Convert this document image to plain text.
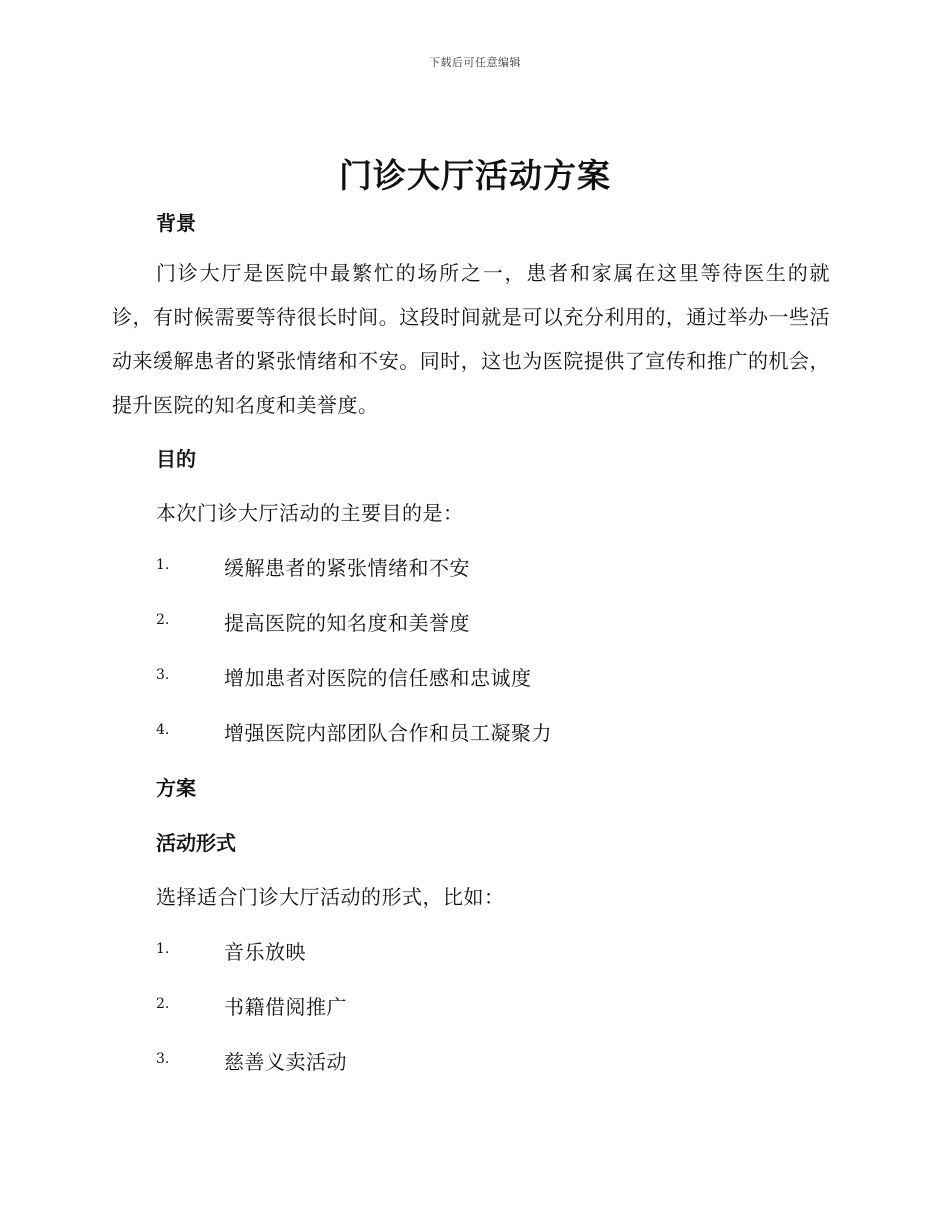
下载后可任意编辑
门诊大厅活动方案
背景
门诊大厅是医院中最繁忙的场所之一，患者和家属在这里等待医生的就诊，有时候需要等待很长时间。这段时间就是可以充分利用的，通过举办一些活动来缓解患者的紧张情绪和不安。同时，这也为医院提供了宣传和推广的机会，提升医院的知名度和美誉度。
目的
本次门诊大厅活动的主要目的是：
1.	缓解患者的紧张情绪和不安
2.	提高医院的知名度和美誉度
3.	增加患者对医院的信任感和忠诚度
4.	增强医院内部团队合作和员工凝聚力
方案
活动形式
选择适合门诊大厅活动的形式，比如：
1.	音乐放映
2.	书籍借阅推广
3.	慈善义卖活动
